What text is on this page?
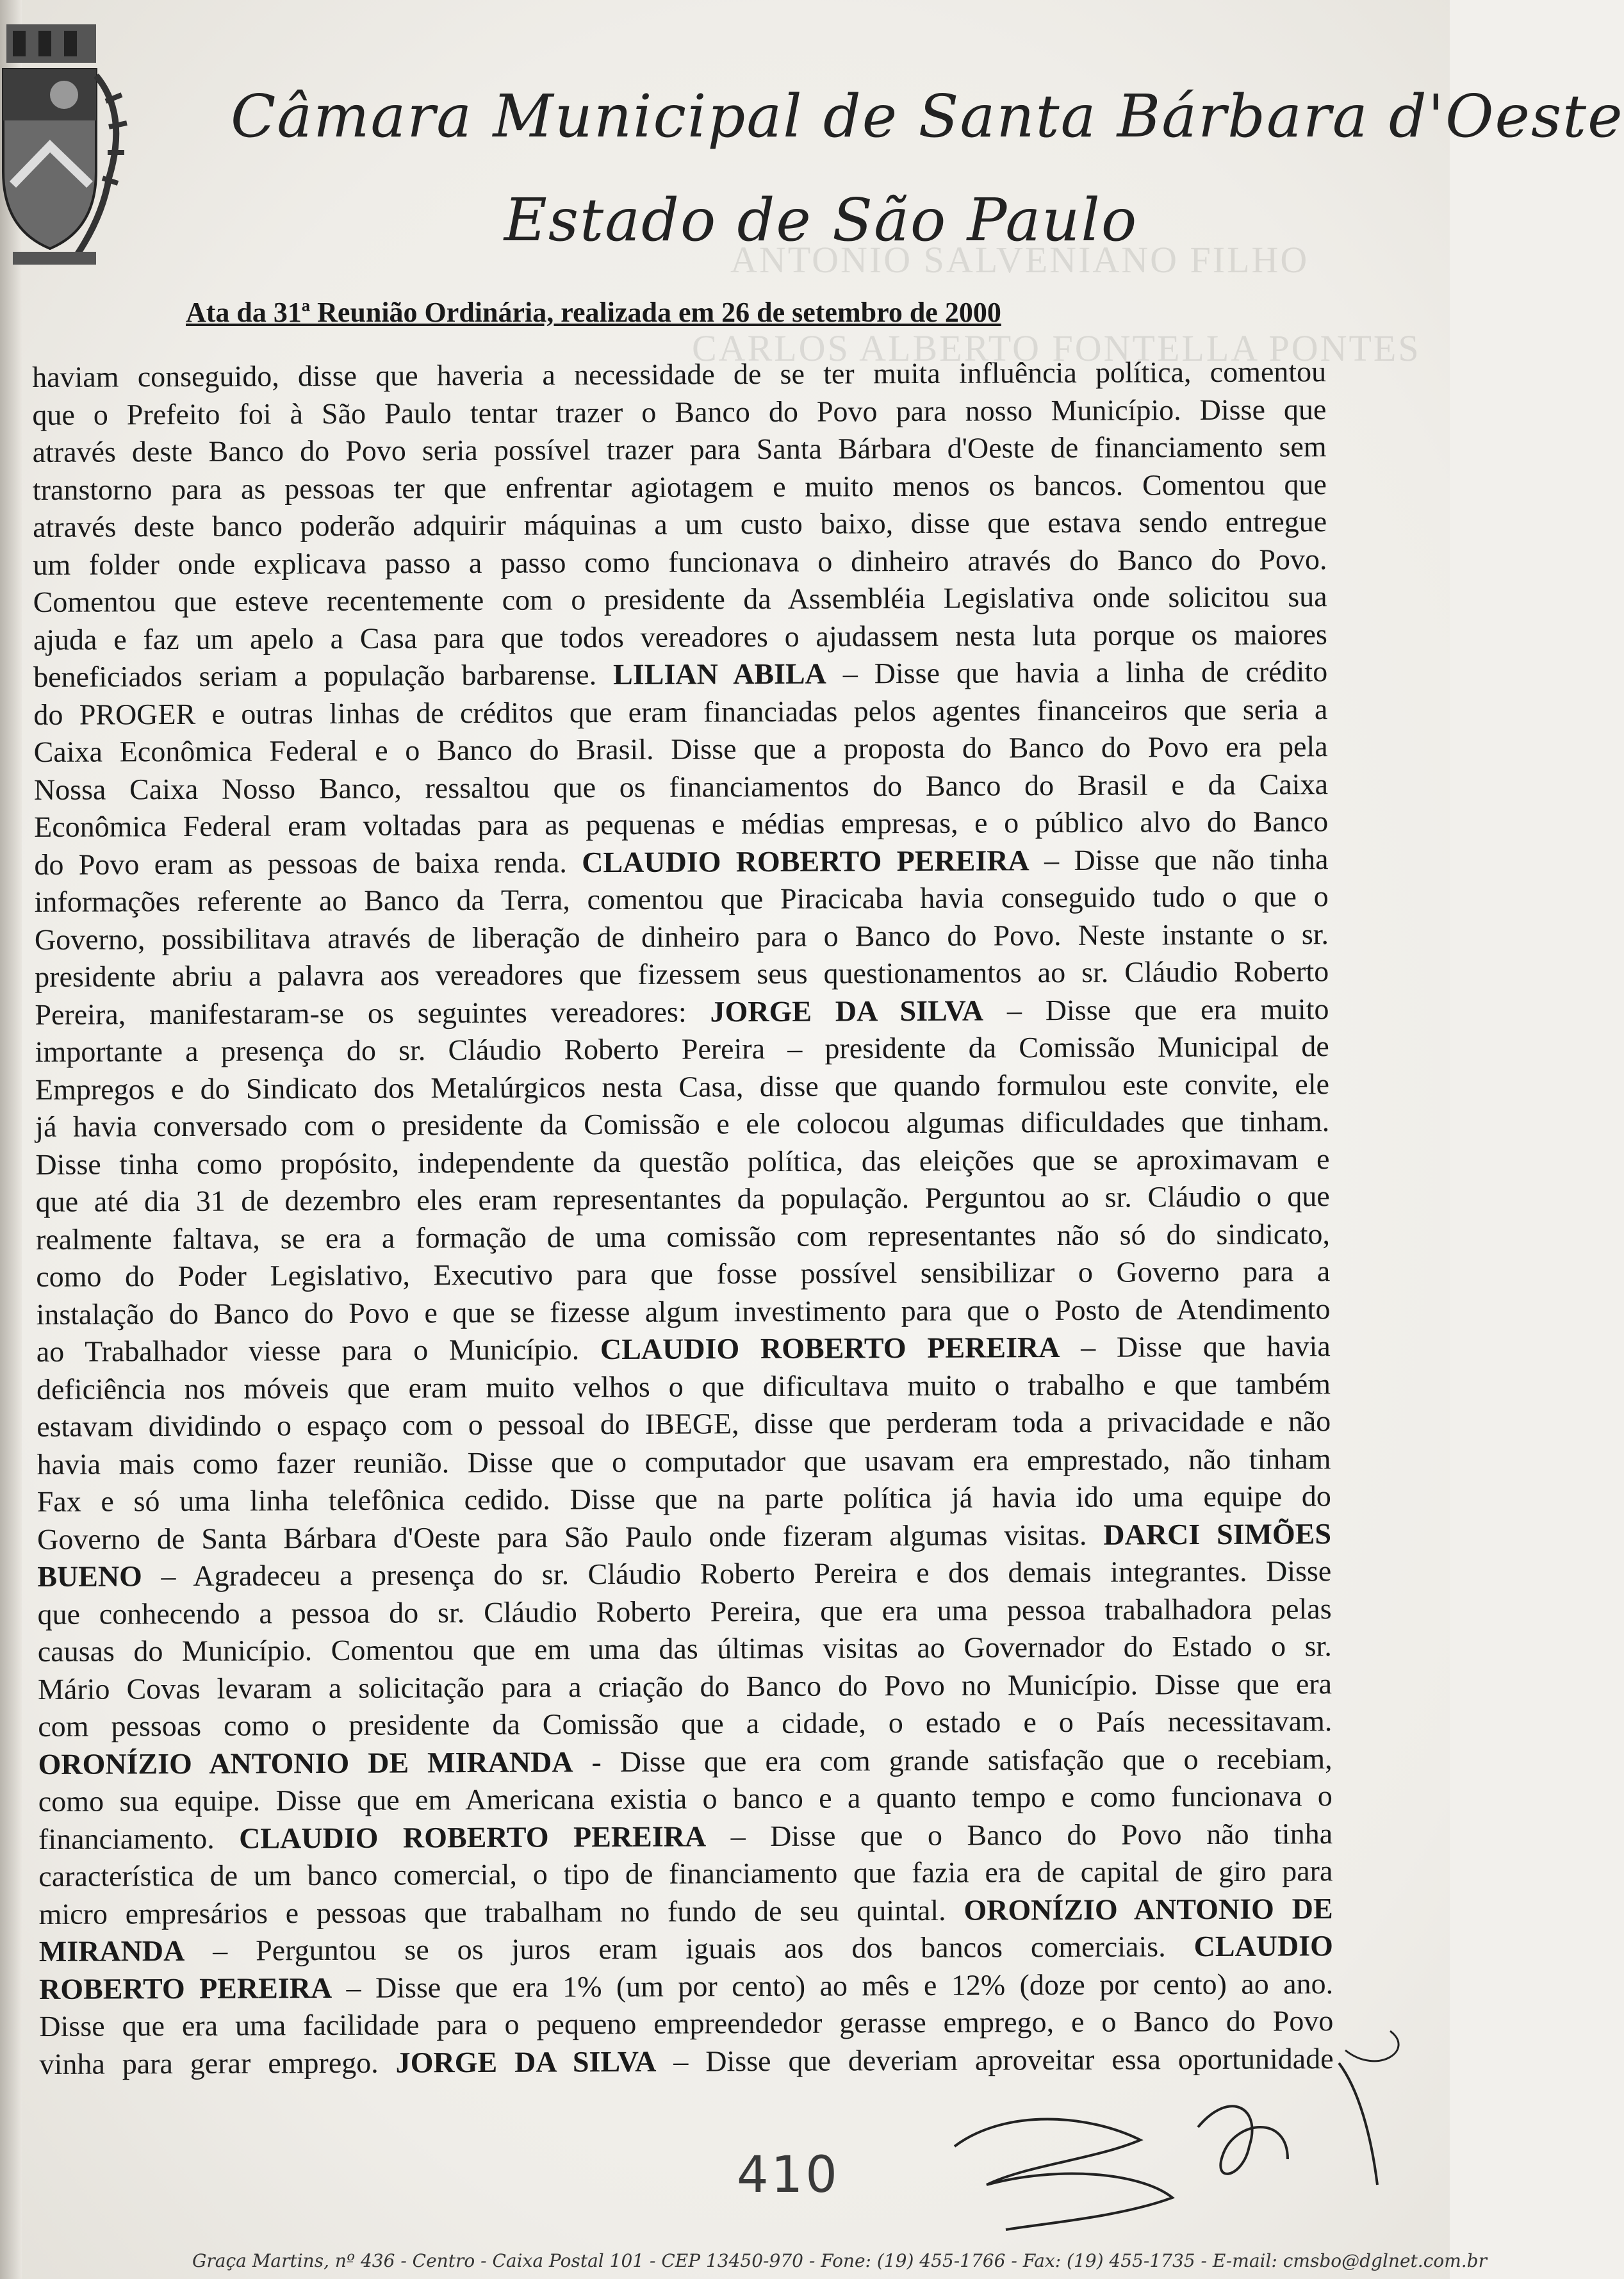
Câmara Municipal de Santa Bárbara d'Oeste
Estado de São Paulo
ANTONIO SALVENIANO FILHO
CARLOS ALBERTO FONTELLA PONTES
Ata da 31ª Reunião Ordinária, realizada em 26 de setembro de 2000
haviam conseguido, disse que haveria a necessidade de se ter muita influência política, comentou
que o Prefeito foi à São Paulo tentar trazer o Banco do Povo para nosso Município. Disse que
através deste Banco do Povo seria possível trazer para Santa Bárbara d'Oeste de financiamento sem
transtorno para as pessoas ter que enfrentar agiotagem e muito menos os bancos. Comentou que
através deste banco poderão adquirir máquinas a um custo baixo, disse que estava sendo entregue
um folder onde explicava passo a passo como funcionava o dinheiro através do Banco do Povo.
Comentou que esteve recentemente com o presidente da Assembléia Legislativa onde solicitou sua
ajuda e faz um apelo a Casa para que todos vereadores o ajudassem nesta luta porque os maiores
beneficiados seriam a população barbarense. LILIAN ABILA – Disse que havia a linha de crédito
do PROGER e outras linhas de créditos que eram financiadas pelos agentes financeiros que seria a
Caixa Econômica Federal e o Banco do Brasil. Disse que a proposta do Banco do Povo era pela
Nossa Caixa Nosso Banco, ressaltou que os financiamentos do Banco do Brasil e da Caixa
Econômica Federal eram voltadas para as pequenas e médias empresas, e o público alvo do Banco
do Povo eram as pessoas de baixa renda. CLAUDIO ROBERTO PEREIRA – Disse que não tinha
informações referente ao Banco da Terra, comentou que Piracicaba havia conseguido tudo o que o
Governo, possibilitava através de liberação de dinheiro para o Banco do Povo. Neste instante o sr.
presidente abriu a palavra aos vereadores que fizessem seus questionamentos ao sr. Cláudio Roberto
Pereira, manifestaram-se os seguintes vereadores: JORGE DA SILVA – Disse que era muito
importante a presença do sr. Cláudio Roberto Pereira – presidente da Comissão Municipal de
Empregos e do Sindicato dos Metalúrgicos nesta Casa, disse que quando formulou este convite, ele
já havia conversado com o presidente da Comissão e ele colocou algumas dificuldades que tinham.
Disse tinha como propósito, independente da questão política, das eleições que se aproximavam e
que até dia 31 de dezembro eles eram representantes da população. Perguntou ao sr. Cláudio o que
realmente faltava, se era a formação de uma comissão com representantes não só do sindicato,
como do Poder Legislativo, Executivo para que fosse possível sensibilizar o Governo para a
instalação do Banco do Povo e que se fizesse algum investimento para que o Posto de Atendimento
ao Trabalhador viesse para o Município. CLAUDIO ROBERTO PEREIRA – Disse que havia
deficiência nos móveis que eram muito velhos o que dificultava muito o trabalho e que também
estavam dividindo o espaço com o pessoal do IBEGE, disse que perderam toda a privacidade e não
havia mais como fazer reunião. Disse que o computador que usavam era emprestado, não tinham
Fax e só uma linha telefônica cedido. Disse que na parte política já havia ido uma equipe do
Governo de Santa Bárbara d'Oeste para São Paulo onde fizeram algumas visitas. DARCI SIMÕES
BUENO – Agradeceu a presença do sr. Cláudio Roberto Pereira e dos demais integrantes. Disse
que conhecendo a pessoa do sr. Cláudio Roberto Pereira, que era uma pessoa trabalhadora pelas
causas do Município. Comentou que em uma das últimas visitas ao Governador do Estado o sr.
Mário Covas levaram a solicitação para a criação do Banco do Povo no Município. Disse que era
com pessoas como o presidente da Comissão que a cidade, o estado e o País necessitavam.
ORONÍZIO ANTONIO DE MIRANDA - Disse que era com grande satisfação que o recebiam,
como sua equipe. Disse que em Americana existia o banco e a quanto tempo e como funcionava o
financiamento. CLAUDIO ROBERTO PEREIRA – Disse que o Banco do Povo não tinha
característica de um banco comercial, o tipo de financiamento que fazia era de capital de giro para
micro empresários e pessoas que trabalham no fundo de seu quintal. ORONÍZIO ANTONIO DE
MIRANDA – Perguntou se os juros eram iguais aos dos bancos comerciais. CLAUDIO
ROBERTO PEREIRA – Disse que era 1% (um por cento) ao mês e 12% (doze por cento) ao ano.
Disse que era uma facilidade para o pequeno empreendedor gerasse emprego, e o Banco do Povo
vinha para gerar emprego. JORGE DA SILVA – Disse que deveriam aproveitar essa oportunidade
410
Graça Martins, nº 436 - Centro - Caixa Postal 101 - CEP 13450-970 - Fone: (19) 455-1766 - Fax: (19) 455-1735 - E-mail: cmsbo@dglnet.com.br
